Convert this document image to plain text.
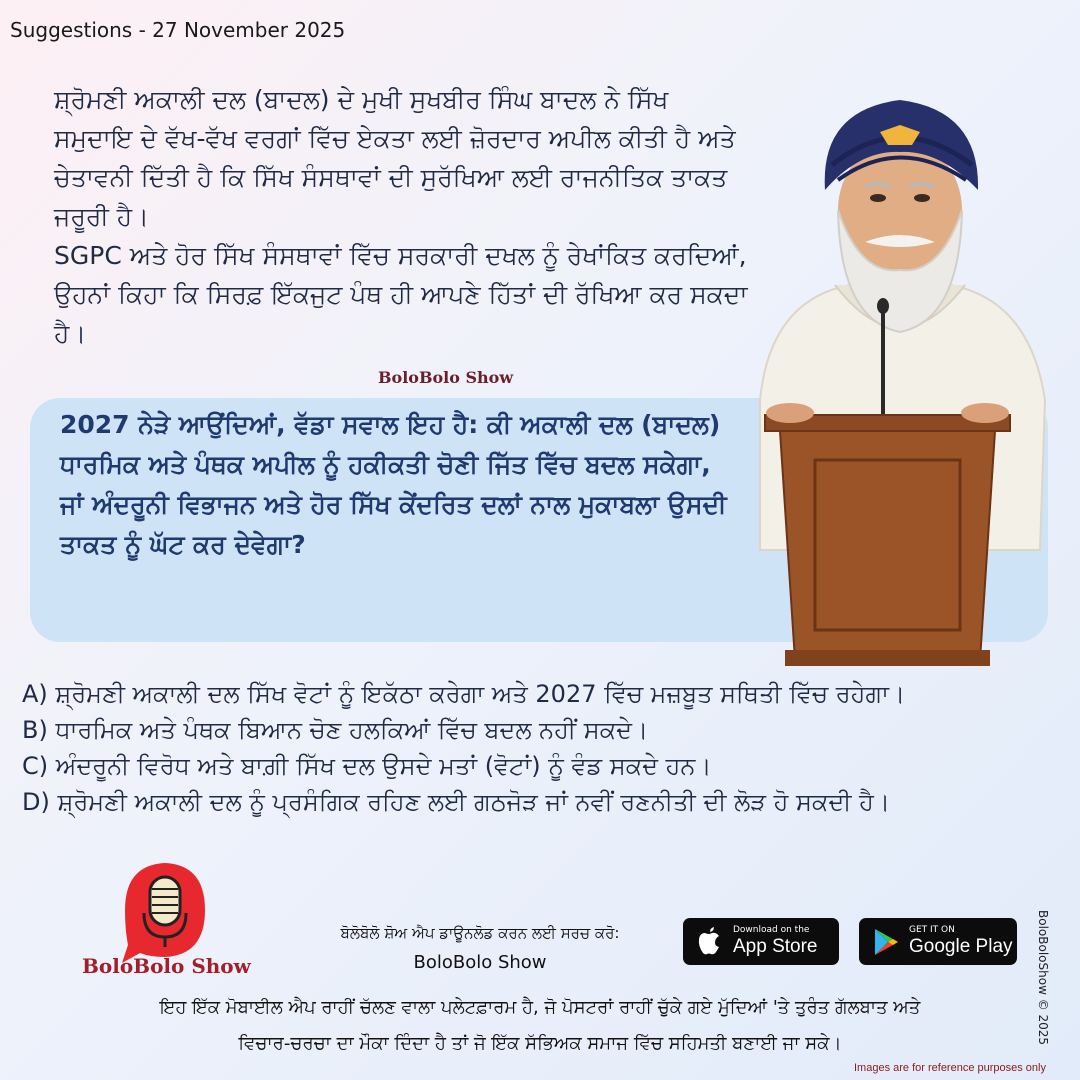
Suggestions - 27 November 2025

ਸ਼੍ਰੋਮਣੀ ਅਕਾਲੀ ਦਲ (ਬਾਦਲ) ਦੇ ਮੁਖੀ ਸੁਖਬੀਰ ਸਿੰਘ ਬਾਦਲ ਨੇ ਸਿੱਖ ਸਮੁਦਾਇ ਦੇ ਵੱਖ-ਵੱਖ ਵਰਗਾਂ ਵਿੱਚ ਏਕਤਾ ਲਈ ਜ਼ੋਰਦਾਰ ਅਪੀਲ ਕੀਤੀ ਹੈ ਅਤੇ ਚੇਤਾਵਨੀ ਦਿੱਤੀ ਹੈ ਕਿ ਸਿੱਖ ਸੰਸਥਾਵਾਂ ਦੀ ਸੁਰੱਖਿਆ ਲਈ ਰਾਜਨੀਤਿਕ ਤਾਕਤ ਜਰੂਰੀ ਹੈ।

SGPC ਅਤੇ ਹੋਰ ਸਿੱਖ ਸੰਸਥਾਵਾਂ ਵਿੱਚ ਸਰਕਾਰੀ ਦਖਲ ਨੂੰ ਰੇਖਾਂਕਿਤ ਕਰਦਿਆਂ, ਉਹਨਾਂ ਕਿਹਾ ਕਿ ਸਿਰਫ਼ ਇੱਕਜੁਟ ਪੰਥ ਹੀ ਆਪਣੇ ਹਿੱਤਾਂ ਦੀ ਰੱਖਿਆ ਕਰ ਸਕਦਾ ਹੈ।

BoloBolo Show
2027 ਨੇੜੇ ਆਉਂਦਿਆਂ, ਵੱਡਾ ਸਵਾਲ ਇਹ ਹੈ: ਕੀ ਅਕਾਲੀ ਦਲ (ਬਾਦਲ) ਧਾਰਮਿਕ ਅਤੇ ਪੰਥਕ ਅਪੀਲ ਨੂੰ ਹਕੀਕਤੀ ਚੋਣੀ ਜਿੱਤ ਵਿੱਚ ਬਦਲ ਸਕੇਗਾ, ਜਾਂ ਅੰਦਰੂਨੀ ਵਿਭਾਜਨ ਅਤੇ ਹੋਰ ਸਿੱਖ ਕੇਂਦਰਿਤ ਦਲਾਂ ਨਾਲ ਮੁਕਾਬਲਾ ਉਸਦੀ ਤਾਕਤ ਨੂੰ ਘੱਟ ਕਰ ਦੇਵੇਗਾ?
A) ਸ਼੍ਰੋਮਣੀ ਅਕਾਲੀ ਦਲ ਸਿੱਖ ਵੋਟਾਂ ਨੂੰ ਇਕੱਠਾ ਕਰੇਗਾ ਅਤੇ 2027 ਵਿੱਚ ਮਜ਼ਬੂਤ ਸਥਿਤੀ ਵਿੱਚ ਰਹੇਗਾ।
B) ਧਾਰਮਿਕ ਅਤੇ ਪੰਥਕ ਬਿਆਨ ਚੋਣ ਹਲਕਿਆਂ ਵਿੱਚ ਬਦਲ ਨਹੀਂ ਸਕਦੇ।
C) ਅੰਦਰੂਨੀ ਵਿਰੋਧ ਅਤੇ ਬਾਗ਼ੀ ਸਿੱਖ ਦਲ ਉਸਦੇ ਮਤਾਂ (ਵੋਟਾਂ) ਨੂੰ ਵੰਡ ਸਕਦੇ ਹਨ।
D) ਸ਼੍ਰੋਮਣੀ ਅਕਾਲੀ ਦਲ ਨੂੰ ਪ੍ਰਸੰਗਿਕ ਰਹਿਣ ਲਈ ਗਠਜੋੜ ਜਾਂ ਨਵੀਂ ਰਣਨੀਤੀ ਦੀ ਲੋੜ ਹੋ ਸਕਦੀ ਹੈ।
BoloBolo Show
ਬੋਲੋਬੋਲੋ ਸ਼ੋਅ ਐਪ ਡਾਊਨਲੋਡ ਕਰਨ ਲਈ ਸਰਚ ਕਰੋ:
BoloBolo Show
Download on the
App Store
GET IT ON
Google Play
ਇਹ ਇੱਕ ਮੋਬਾਈਲ ਐਪ ਰਾਹੀਂ ਚੱਲਣ ਵਾਲਾ ਪਲੇਟਫ਼ਾਰਮ ਹੈ, ਜੋ ਪੋਸਟਰਾਂ ਰਾਹੀਂ ਚੁੱਕੇ ਗਏ ਮੁੱਦਿਆਂ 'ਤੇ ਤੁਰੰਤ ਗੱਲਬਾਤ ਅਤੇ
ਵਿਚਾਰ-ਚਰਚਾ ਦਾ ਮੌਕਾ ਦਿੰਦਾ ਹੈ ਤਾਂ ਜੋ ਇੱਕ ਸੱਭਿਅਕ ਸਮਾਜ ਵਿੱਚ ਸਹਿਮਤੀ ਬਣਾਈ ਜਾ ਸਕੇ।	BoloBoloShow © 2025
Images are for reference purposes only
